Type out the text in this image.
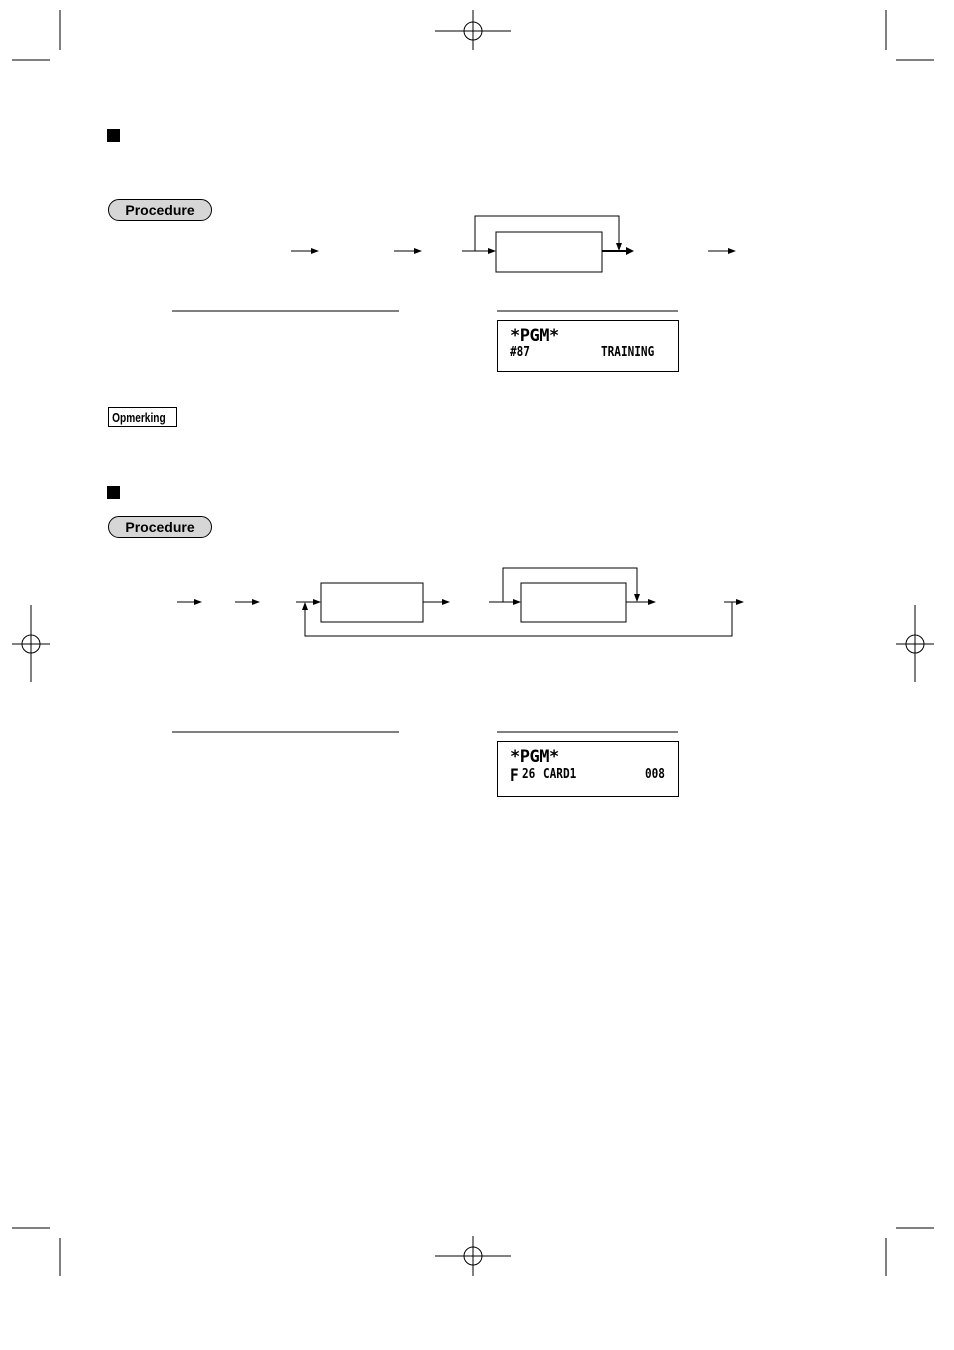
Procedure
*PGM*
#87	TRAINING
Opmerking
Procedure
*PGM*
F 26 CARD1	008
